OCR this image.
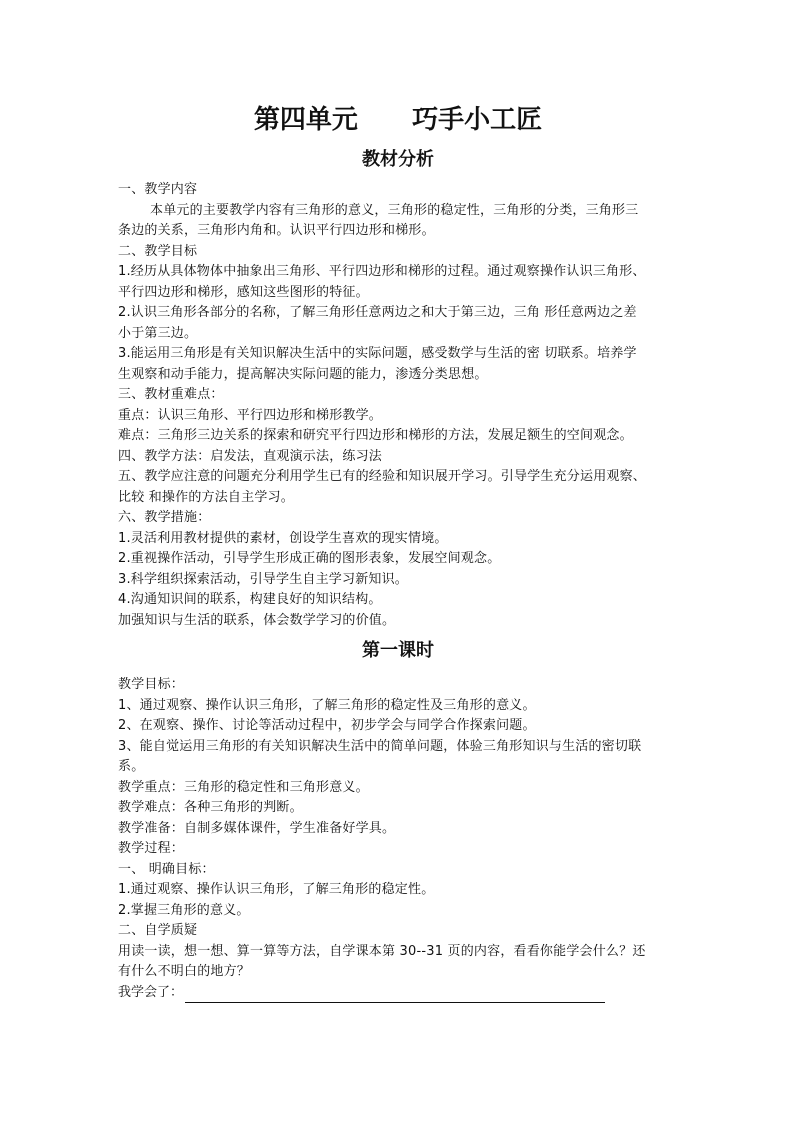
第四单元      巧手小工匠
教材分析

一、教学内容

本单元的主要教学内容有三角形的意义，三角形的稳定性，三角形的分类，三角形三

条边的关系，三角形内角和。认识平行四边形和梯形。

二、教学目标

1.经历从具体物体中抽象出三角形、平行四边形和梯形的过程。通过观察操作认识三角形、

平行四边形和梯形，感知这些图形的特征。

2.认识三角形各部分的名称，了解三角形任意两边之和大于第三边，三角 形任意两边之差

小于第三边。

3.能运用三角形是有关知识解决生活中的实际问题，感受数学与生活的密 切联系。培养学

生观察和动手能力，提高解决实际问题的能力，渗透分类思想。

三、教材重难点：

重点：认识三角形、平行四边形和梯形教学。

难点：三角形三边关系的探索和研究平行四边形和梯形的方法，发展足额生的空间观念。

四、教学方法：启发法，直观演示法，练习法

五、教学应注意的问题充分利用学生已有的经验和知识展开学习。引导学生充分运用观察、

比较 和操作的方法自主学习。

六、教学措施：

1.灵活利用教材提供的素材，创设学生喜欢的现实情境。

2.重视操作活动，引导学生形成正确的图形表象，发展空间观念。

3.科学组织探索活动，引导学生自主学习新知识。

4.沟通知识间的联系，构建良好的知识结构。

加强知识与生活的联系，体会数学学习的价值。

第一课时

教学目标：

1、通过观察、操作认识三角形，了解三角形的稳定性及三角形的意义。

2、在观察、操作、讨论等活动过程中，初步学会与同学合作探索问题。

3、能自觉运用三角形的有关知识解决生活中的简单问题，体验三角形知识与生活的密切联

系。

教学重点：三角形的稳定性和三角形意义。

教学难点：各种三角形的判断。

教学准备：自制多媒体课件，学生准备好学具。

教学过程：

一、 明确目标：

1.通过观察、操作认识三角形，了解三角形的稳定性。

2.掌握三角形的意义。

二、自学质疑

用读一读，想一想、算一算等方法，自学课本第 30--31 页的内容，看看你能学会什么？还

有什么不明白的地方？

我学会了：
